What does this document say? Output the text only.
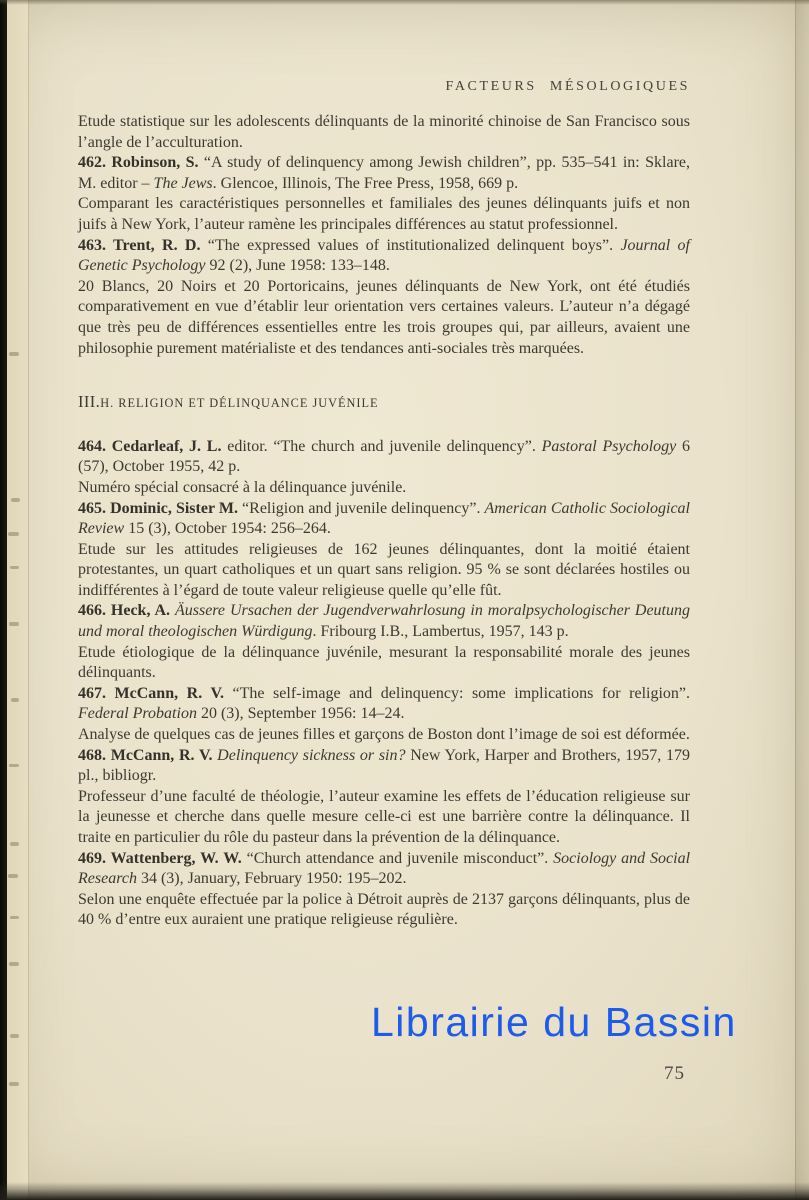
FACTEURS MÉSOLOGIQUES

Etude statistique sur les adolescents délinquants de la minorité chinoise de San Francisco sous l’angle de l’acculturation.

462. Robinson, S. “A study of delinquency among Jewish children”, pp. 535–541 in: Sklare, M. editor – The Jews. Glencoe, Illinois, The Free Press, 1958, 669 p.

Comparant les caractéristiques personnelles et familiales des jeunes délinquants juifs et non juifs à New York, l’auteur ramène les principales différences au statut professionnel.

463. Trent, R. D. “The expressed values of institutionalized delinquent boys”. Journal of Genetic Psychology 92 (2), June 1958: 133–148.

20 Blancs, 20 Noirs et 20 Portoricains, jeunes délinquants de New York, ont été étudiés comparativement en vue d’établir leur orientation vers certaines valeurs. L’auteur n’a dégagé que très peu de différences essentielles entre les trois groupes qui, par ailleurs, avaient une philosophie purement matérialiste et des tendances anti-sociales très marquées.

III.H. RELIGION ET DÉLINQUANCE JUVÉNILE

464. Cedarleaf, J. L. editor. “The church and juvenile delinquency”. Pastoral Psychology 6 (57), October 1955, 42 p.

Numéro spécial consacré à la délinquance juvénile.

465. Dominic, Sister M. “Religion and juvenile delinquency”. American Catholic Sociological Review 15 (3), October 1954: 256–264.

Etude sur les attitudes religieuses de 162 jeunes délinquantes, dont la moitié étaient protestantes, un quart catholiques et un quart sans religion. 95 % se sont déclarées hostiles ou indifférentes à l’égard de toute valeur religieuse quelle qu’elle fût.

466. Heck, A. Äussere Ursachen der Jugendverwahrlosung in moralpsychologischer Deutung und moral theologischen Würdigung. Fribourg I.B., Lambertus, 1957, 143 p.

Etude étiologique de la délinquance juvénile, mesurant la responsabilité morale des jeunes délinquants.

467. McCann, R. V. “The self-image and delinquency: some implications for religion”. Federal Probation 20 (3), September 1956: 14–24.

Analyse de quelques cas de jeunes filles et garçons de Boston dont l’image de soi est déformée.

468. McCann, R. V. Delinquency sickness or sin? New York, Harper and Brothers, 1957, 179 pl., bibliogr.

Professeur d’une faculté de théologie, l’auteur examine les effets de l’éducation religieuse sur la jeunesse et cherche dans quelle mesure celle-ci est une barrière contre la délinquance. Il traite en particulier du rôle du pasteur dans la prévention de la délinquance.

469. Wattenberg, W. W. “Church attendance and juvenile misconduct”. Sociology and Social Research 34 (3), January, February 1950: 195–202.

Selon une enquête effectuée par la police à Détroit auprès de 2137 garçons délinquants, plus de 40 % d’entre eux auraient une pratique religieuse régulière.

75
Librairie du Bassin
